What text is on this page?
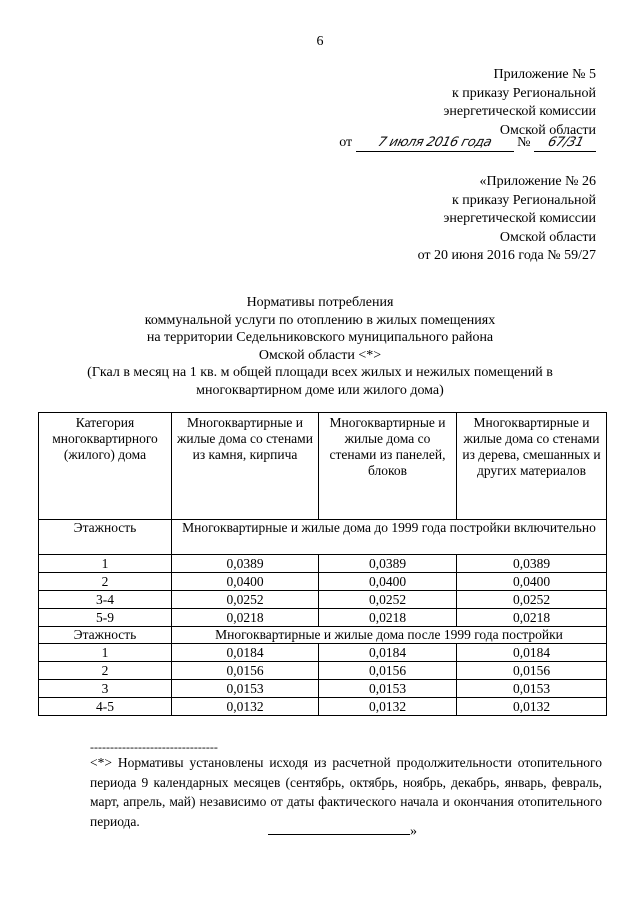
6
Приложение № 5
к приказу Региональной
энергетической комиссии
Омской области
от 7 июля 2016 года № 67/31
«Приложение № 26
к приказу Региональной
энергетической комиссии
Омской области
от 20 июня 2016 года № 59/27
Нормативы потребления
коммунальной услуги по отоплению в жилых помещениях
на территории Седельниковского муниципального района
Омской области <*>
(Гкал в месяц на 1 кв. м общей площади всех жилых и нежилых помещений в
многоквартирном доме или жилого дома)
Категория многоквартирного (жилого) дома	Многоквартирные и жилые дома со стенами из камня, кирпича	Многоквартирные и жилые дома со стенами из панелей, блоков	Многоквартирные и жилые дома со стенами из дерева, смешанных и других материалов
Этажность	Многоквартирные и жилые дома до 1999 года постройки включительно		
1	0,0389	0,0389	0,0389
2	0,0400	0,0400	0,0400
3-4	0,0252	0,0252	0,0252
5-9	0,0218	0,0218	0,0218
Этажность	Многоквартирные и жилые дома после 1999 года постройки		
1	0,0184	0,0184	0,0184
2	0,0156	0,0156	0,0156
3	0,0153	0,0153	0,0153
4-5	0,0132	0,0132	0,0132
--------------------------------

<*> Нормативы установлены исходя из расчетной продолжительности отопительного периода 9 календарных месяцев (сентябрь, октябрь, ноябрь, декабрь, январь, февраль, март, апрель, май) независимо от даты фактического начала и окончания отопительного периода.

»
